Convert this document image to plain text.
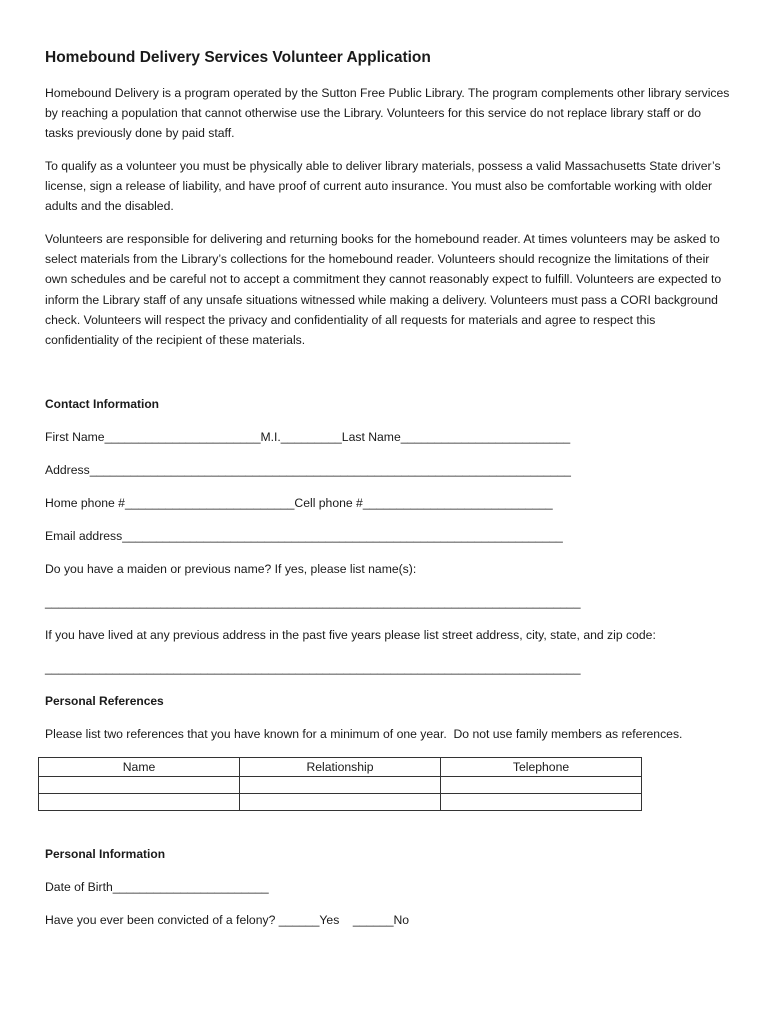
Homebound Delivery Services Volunteer Application

Homebound Delivery is a program operated by the Sutton Free Public Library. The program complements other library services by reaching a population that cannot otherwise use the Library. Volunteers for this service do not replace library staff or do tasks previously done by paid staff.

To qualify as a volunteer you must be physically able to deliver library materials, possess a valid Massachusetts State driver’s license, sign a release of liability, and have proof of current auto insurance. You must also be comfortable working with older adults and the disabled.

Volunteers are responsible for delivering and returning books for the homebound reader. At times volunteers may be asked to select materials from the Library’s collections for the homebound reader. Volunteers should recognize the limitations of their own schedules and be careful not to accept a commitment they cannot reasonably expect to fulfill. Volunteers are expected to inform the Library staff of any unsafe situations witnessed while making a delivery. Volunteers must pass a CORI background check. Volunteers will respect the privacy and confidentiality of all requests for materials and agree to respect this confidentiality of the recipient of these materials.

Contact Information

First Name_______________________M.I._________Last Name_________________________

Address_______________________________________________________________________

Home phone #_________________________Cell phone #____________________________

Email address_________________________________________________________________

Do you have a maiden or previous name? If yes, please list name(s):

_______________________________________________________________________________

If you have lived at any previous address in the past five years please list street address, city, state, and zip code:

_______________________________________________________________________________

Personal References

Please list two references that you have known for a minimum of one year.  Do not use family members as references.

Name	Relationship	Telephone

Personal Information

Date of Birth_______________________

Have you ever been convicted of a felony? ______Yes    ______No
